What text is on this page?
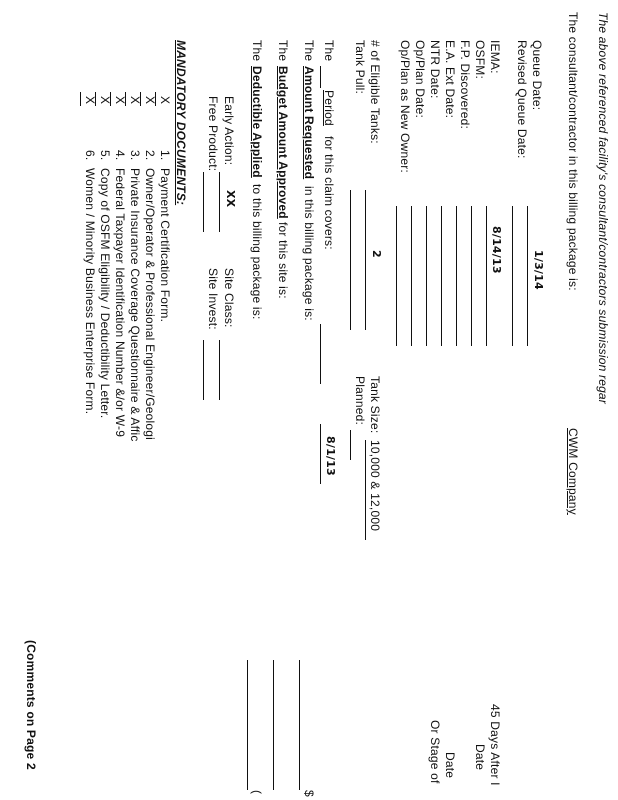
The above referenced facility's consultant/contractors submission regar
The consultant/contractor in this billing package is:
CWM Company
Queue Date:
1/3/14
Revised Queue Date:
IEMA:
8/14/13
OSFM:
F.P. Discovered:
E.A. Ext Date:
NTR Date:
Op/Plan Date:
Op/Plan as New Owner:
45 Days After I
Date
Date
Or Stage of
# of Eligible Tanks:
2
Tank Pull:
Tank Size:
10,000 & 12,000
Planned:
The
Period
for this claim covers:
8/1/13
The
Amount Requested
in this billing package is:
$
The
Budget Amount Approved
for this site is:
The
Deductible Applied
to this billing package is:
(
Early Action:
XX
Free Product:
Site Class:
Site Invest:
MANDATORY DOCUMENTS:
X
1.
Payment Certification Form.
X
2.
Owner/Operator & Professional Engineer/Geologi
X
3.
Private Insurance Coverage Questionnaire & Affic
X
4.
Federal Taxpayer Identification Number &/or W-9
X
5.
Copy of OSFM Eligibility / Deductibility Letter.
X
6.
Women / Minority Business Enterprise Form.
(Comments on Page 2
